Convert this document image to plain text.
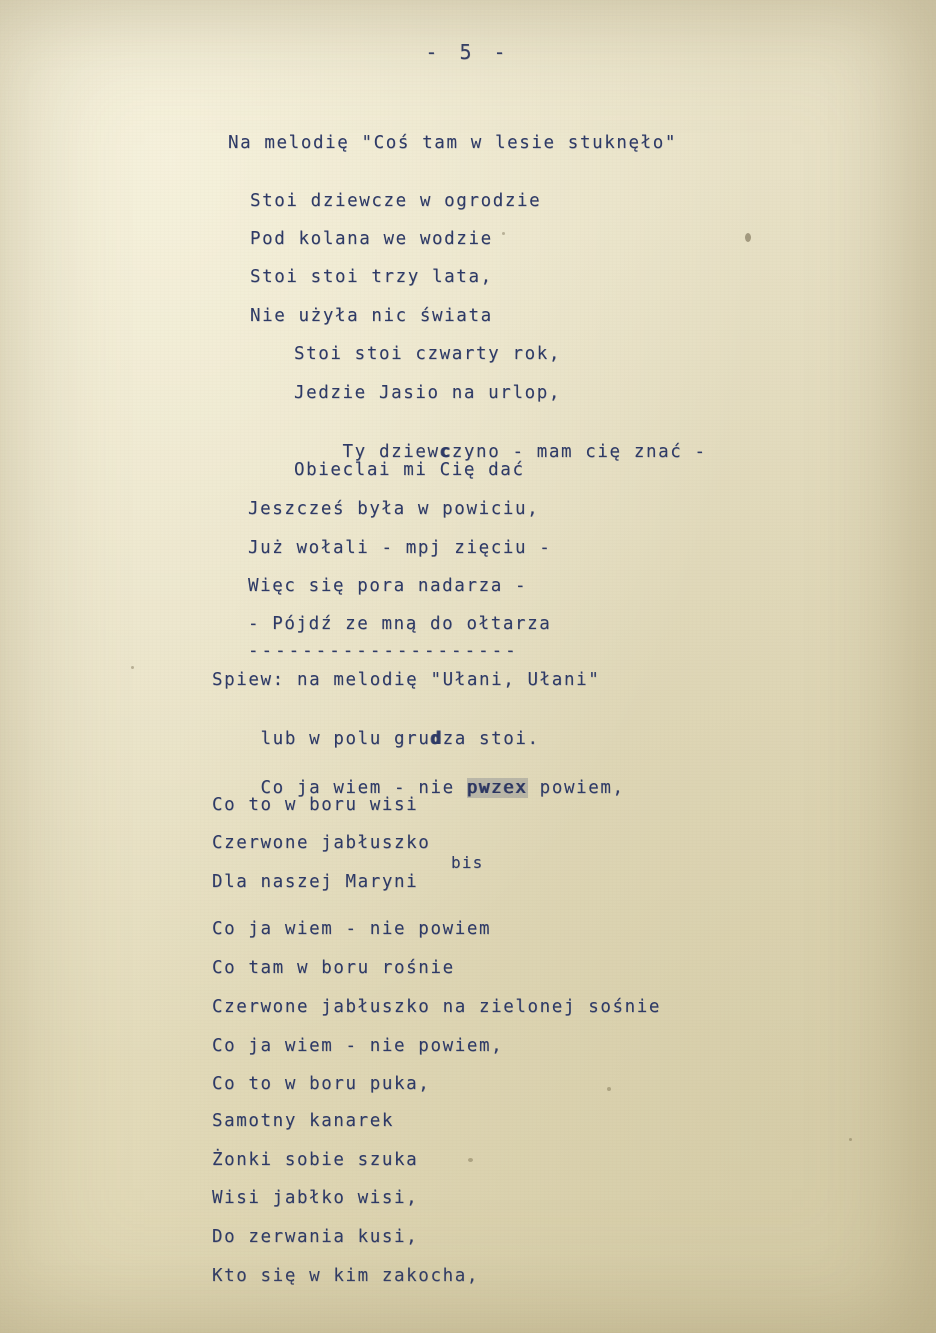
- 5 -
Na melodię "Coś tam w lesie stuknęło"
Stoi dziewcze w ogrodzie
Pod kolana we wodzie
Stoi stoi trzy lata,
Nie użyła nic świata
Stoi stoi czwarty rok,
Jedzie Jasio na urlop,

Ty dziewczyno - mam cię znać -

Obieclai mi Cię dać
Jeszcześ była w powiciu,
Już wołali - mpj zięciu -
Więc się pora nadarza -
- Pójdź ze mną do ołtarza
--------------------
Spiew: na melodię "Ułani, Ułani"

lub w polu grudza stoi.

Co ja wiem - nie pwzex powiem,

Co to w boru wisi
Czerwone jabłuszko
Dla naszej Maryni
bis
Co ja wiem - nie powiem
Co tam w boru rośnie
Czerwone jabłuszko na zielonej sośnie
Co ja wiem - nie powiem,
Co to w boru puka,
Samotny kanarek
Żonki sobie szuka
Wisi jabłko wisi,
Do zerwania kusi,
Kto się w kim zakocha,
